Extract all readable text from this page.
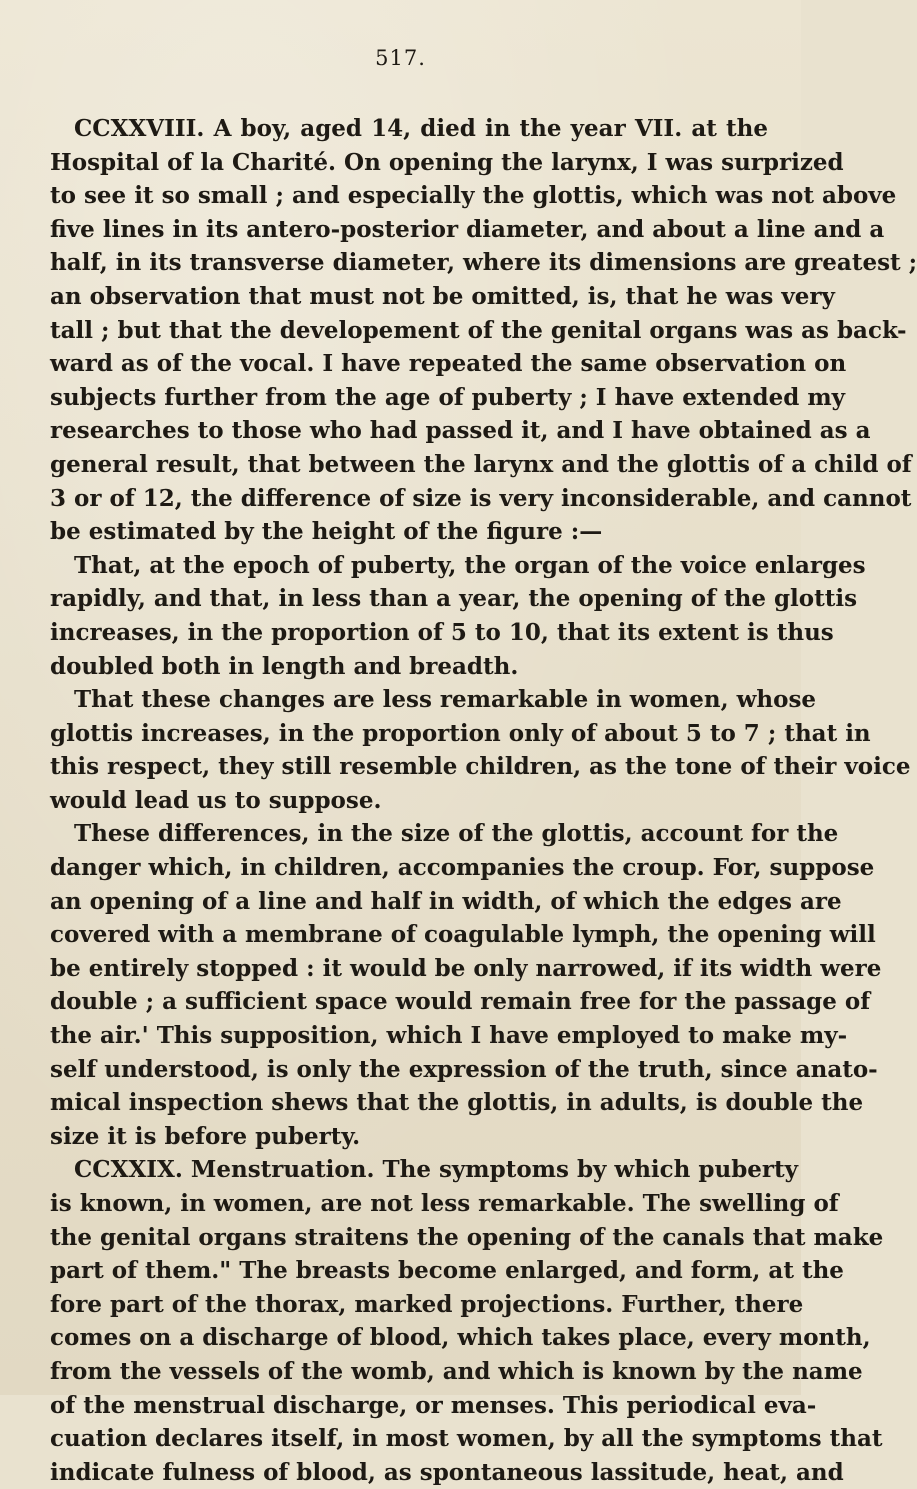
517.
CCXXVIII. A boy, aged 14, died in the year VII. at the
Hospital of la Charité. On opening the larynx, I was surprized
to see it so small ; and especially the glottis, which was not above
five lines in its antero-posterior diameter, and about a line and a
half, in its transverse diameter, where its dimensions are greatest ;
an observation that must not be omitted, is, that he was very
tall ; but that the developement of the genital organs was as back-
ward as of the vocal. I have repeated the same observation on
subjects further from the age of puberty ; I have extended my
researches to those who had passed it, and I have obtained as a
general result, that between the larynx and the glottis of a child of
3 or of 12, the difference of size is very inconsiderable, and cannot
be estimated by the height of the figure :—
That, at the epoch of puberty, the organ of the voice enlarges
rapidly, and that, in less than a year, the opening of the glottis
increases, in the proportion of 5 to 10, that its extent is thus
doubled both in length and breadth.
That these changes are less remarkable in women, whose
glottis increases, in the proportion only of about 5 to 7 ; that in
this respect, they still resemble children, as the tone of their voice
would lead us to suppose.
These differences, in the size of the glottis, account for the
danger which, in children, accompanies the croup. For, suppose
an opening of a line and half in width, of which the edges are
covered with a membrane of coagulable lymph, the opening will
be entirely stopped : it would be only narrowed, if its width were
double ; a sufficient space would remain free for the passage of
the air.' This supposition, which I have employed to make my-
self understood, is only the expression of the truth, since anato-
mical inspection shews that the glottis, in adults, is double the
size it is before puberty.
CCXXIX. Menstruation. The symptoms by which puberty
is known, in women, are not less remarkable. The swelling of
the genital organs straitens the opening of the canals that make
part of them." The breasts become enlarged, and form, at the
fore part of the thorax, marked projections. Further, there
comes on a discharge of blood, which takes place, every month,
from the vessels of the womb, and which is known by the name
of the menstrual discharge, or menses. This periodical eva-
cuation declares itself, in most women, by all the symptoms that
indicate fulness of blood, as spontaneous lassitude, heat, and
